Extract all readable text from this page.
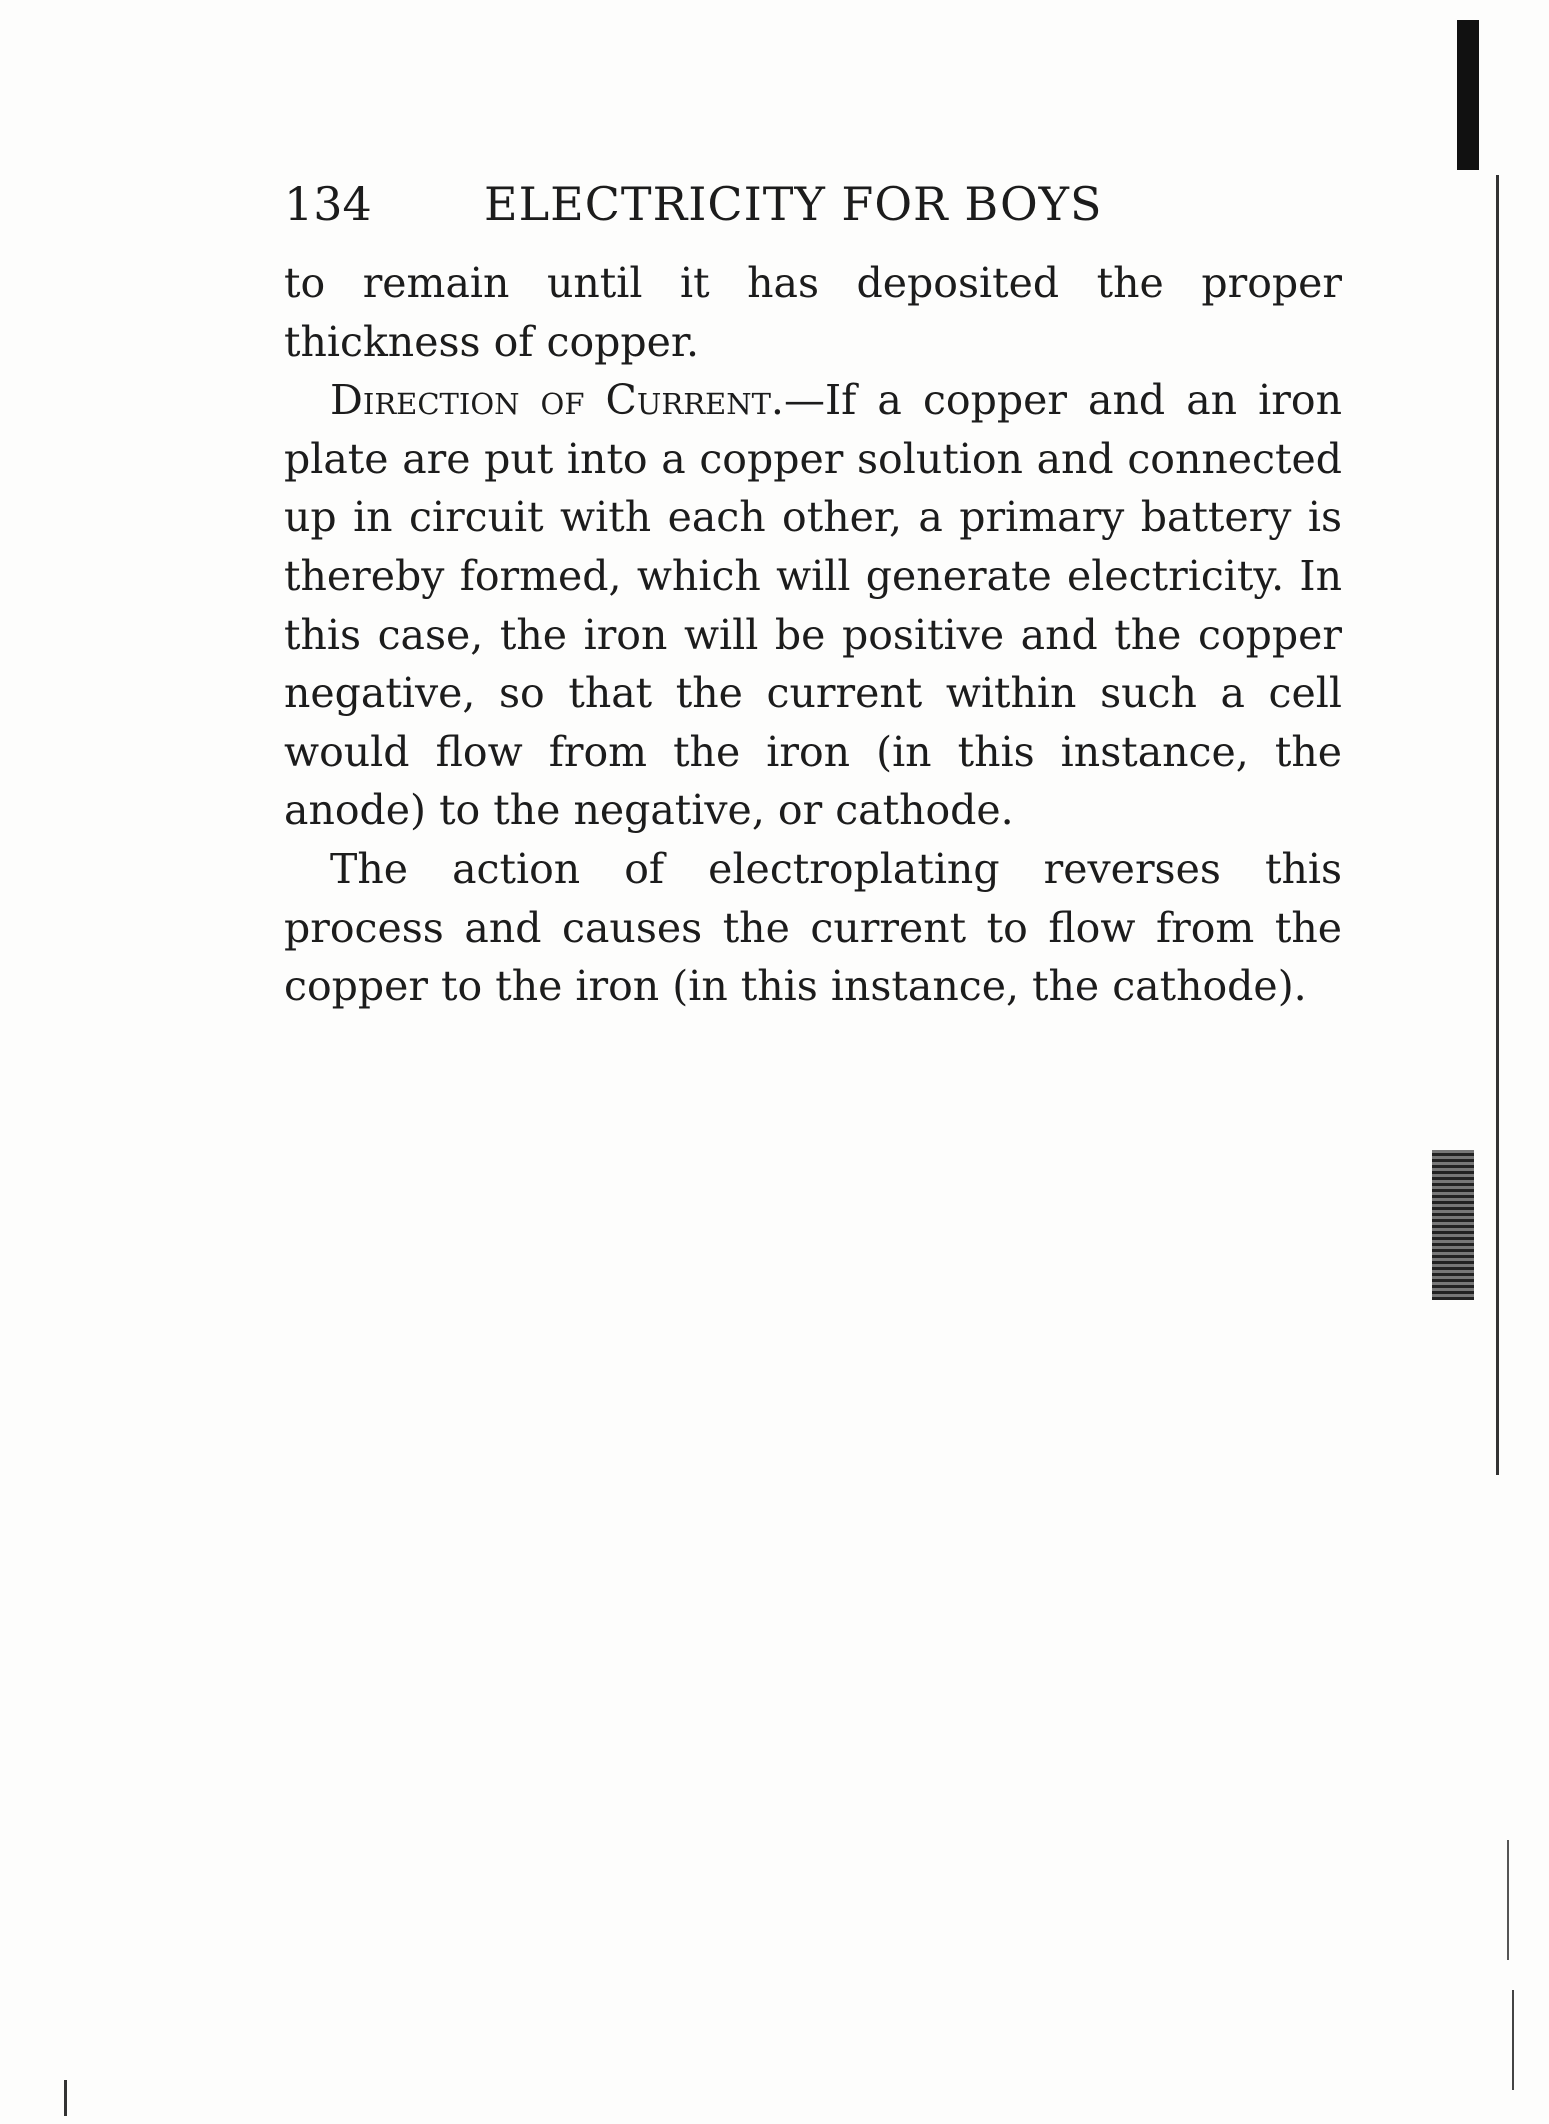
134 ELECTRICITY FOR BOYS

to remain until it has deposited the proper thickness of copper.

Direction of Current.—If a copper and an iron plate are put into a copper solution and connected up in circuit with each other, a primary battery is thereby formed, which will generate electricity. In this case, the iron will be positive and the copper negative, so that the current within such a cell would flow from the iron (in this instance, the anode) to the negative, or cathode.

The action of electroplating reverses this process and causes the current to flow from the copper to the iron (in this instance, the cathode).
